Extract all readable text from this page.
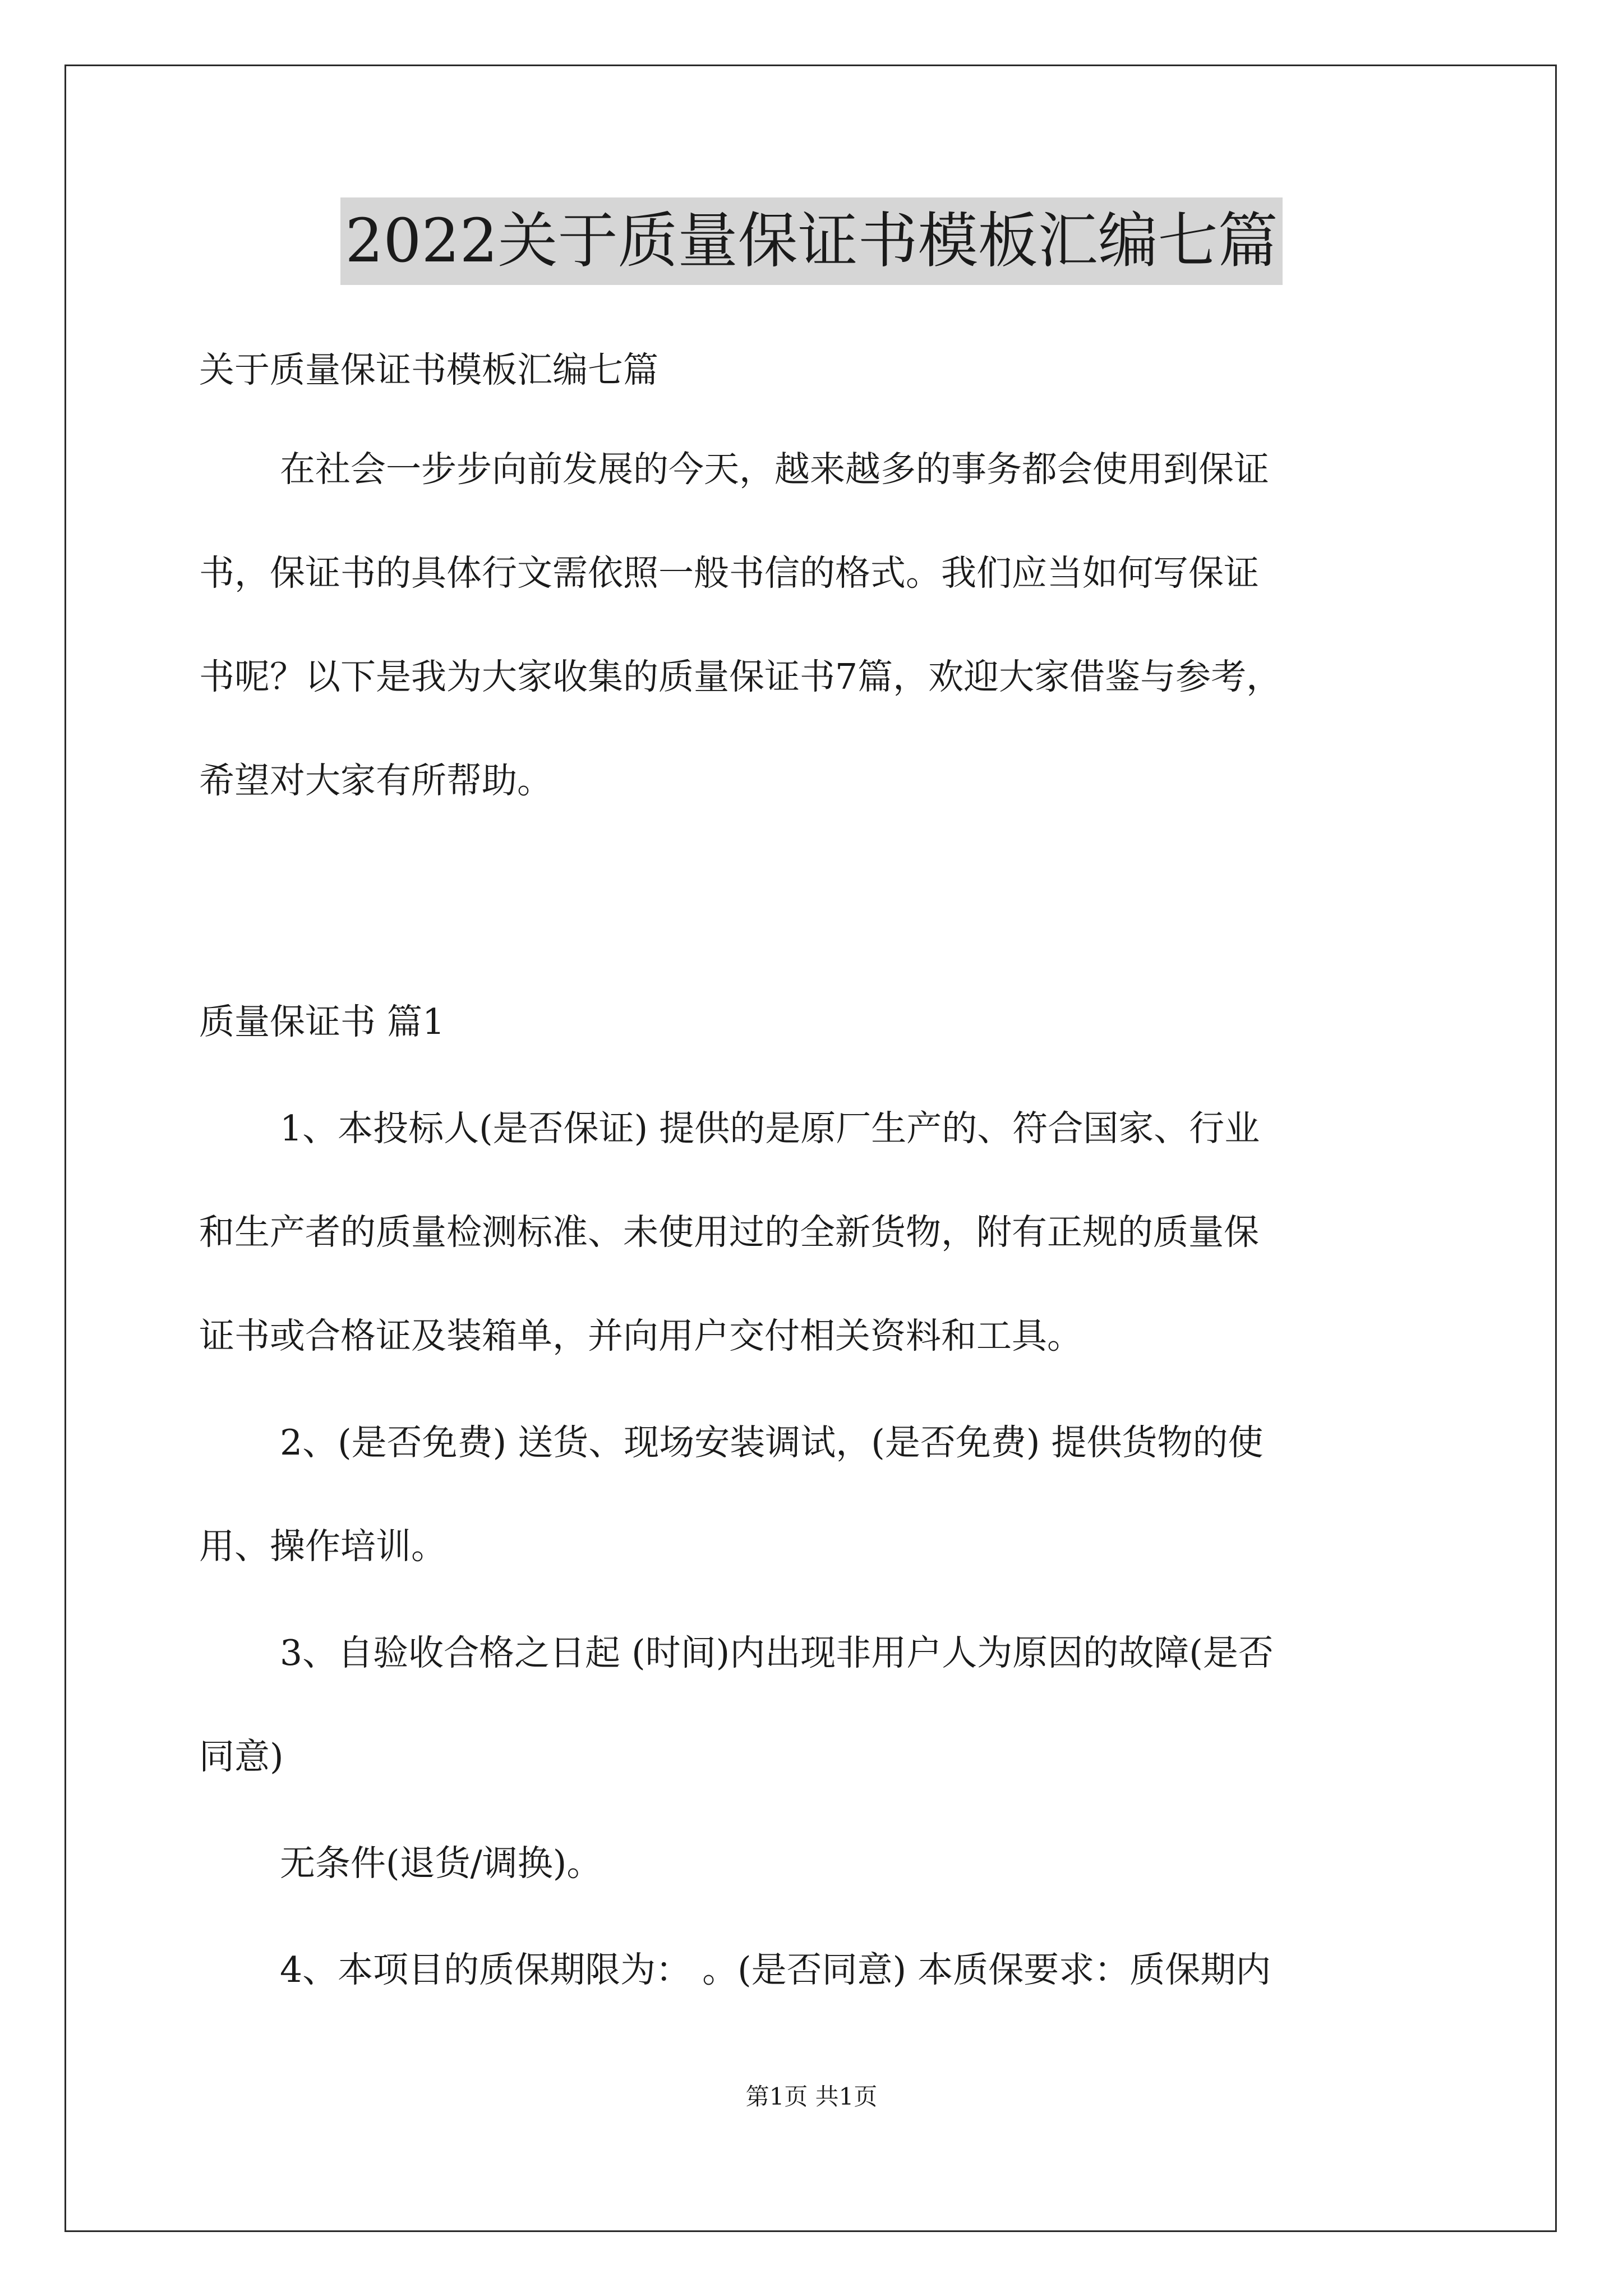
2022关于质量保证书模板汇编七篇
关于质量保证书模板汇编七篇
在社会一步步向前发展的今天，越来越多的事务都会使用到保证
书，保证书的具体行文需依照一般书信的格式。我们应当如何写保证
书呢？以下是我为大家收集的质量保证书7篇，欢迎大家借鉴与参考，
希望对大家有所帮助。
质量保证书 篇1
1、本投标人(是否保证) 提供的是原厂生产的、符合国家、行业
和生产者的质量检测标准、未使用过的全新货物，附有正规的质量保
证书或合格证及装箱单，并向用户交付相关资料和工具。
2、(是否免费) 送货、现场安装调试，(是否免费) 提供货物的使
用、操作培训。
3、自验收合格之日起 (时间)内出现非用户人为原因的故障(是否
同意)
无条件(退货/调换)。
4、本项目的质保期限为： 。(是否同意) 本质保要求：质保期内
第1页 共1页
